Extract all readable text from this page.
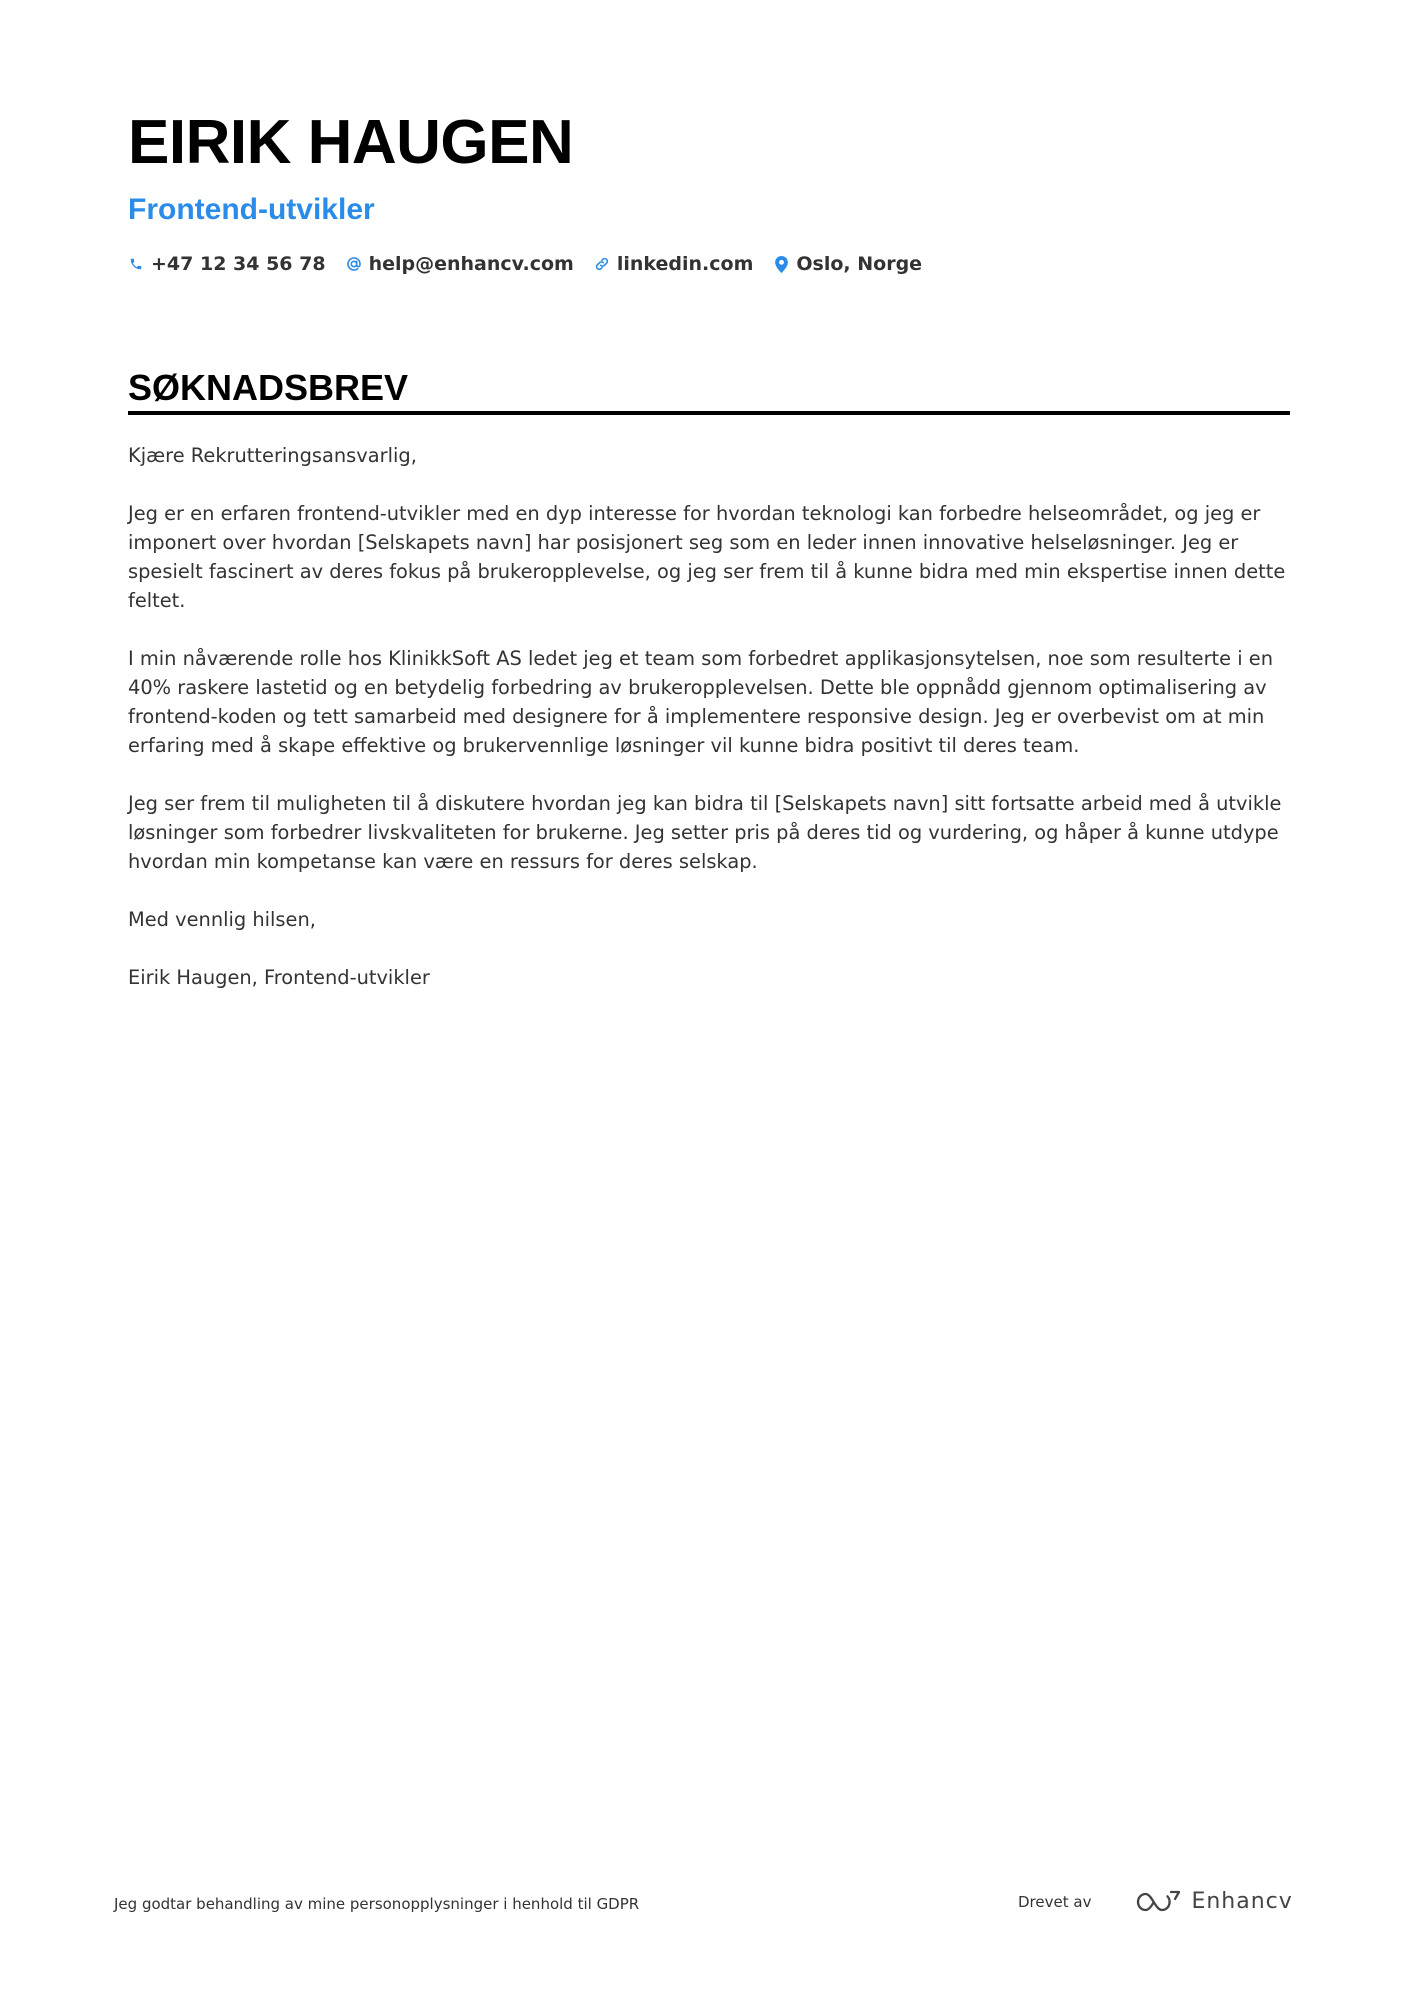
EIRIK HAUGEN
Frontend-utvikler
+47 12 34 56 78 help@enhancv.com linkedin.com Oslo, Norge
SØKNADSBREV

Kjære Rekrutteringsansvarlig,

Jeg er en erfaren frontend-utvikler med en dyp interesse for hvordan teknologi kan forbedre helseområdet, og jeg er imponert over hvordan [Selskapets navn] har posisjonert seg som en leder innen innovative helseløsninger. Jeg er spesielt fascinert av deres fokus på brukeropplevelse, og jeg ser frem til å kunne bidra med min ekspertise innen dette feltet.

I min nåværende rolle hos KlinikkSoft AS ledet jeg et team som forbedret applikasjonsytelsen, noe som resulterte i en 40% raskere lastetid og en betydelig forbedring av brukeropplevelsen. Dette ble oppnådd gjennom optimalisering av frontend-koden og tett samarbeid med designere for å implementere responsive design. Jeg er overbevist om at min erfaring med å skape effektive og brukervennlige løsninger vil kunne bidra positivt til deres team.

Jeg ser frem til muligheten til å diskutere hvordan jeg kan bidra til [Selskapets navn] sitt fortsatte arbeid med å utvikle løsninger som forbedrer livskvaliteten for brukerne. Jeg setter pris på deres tid og vurdering, og håper å kunne utdype hvordan min kompetanse kan være en ressurs for deres selskap.

Med vennlig hilsen,

Eirik Haugen, Frontend-utvikler

Jeg godtar behandling av mine personopplysninger i henhold til GDPR	Drevet av	Enhancv
